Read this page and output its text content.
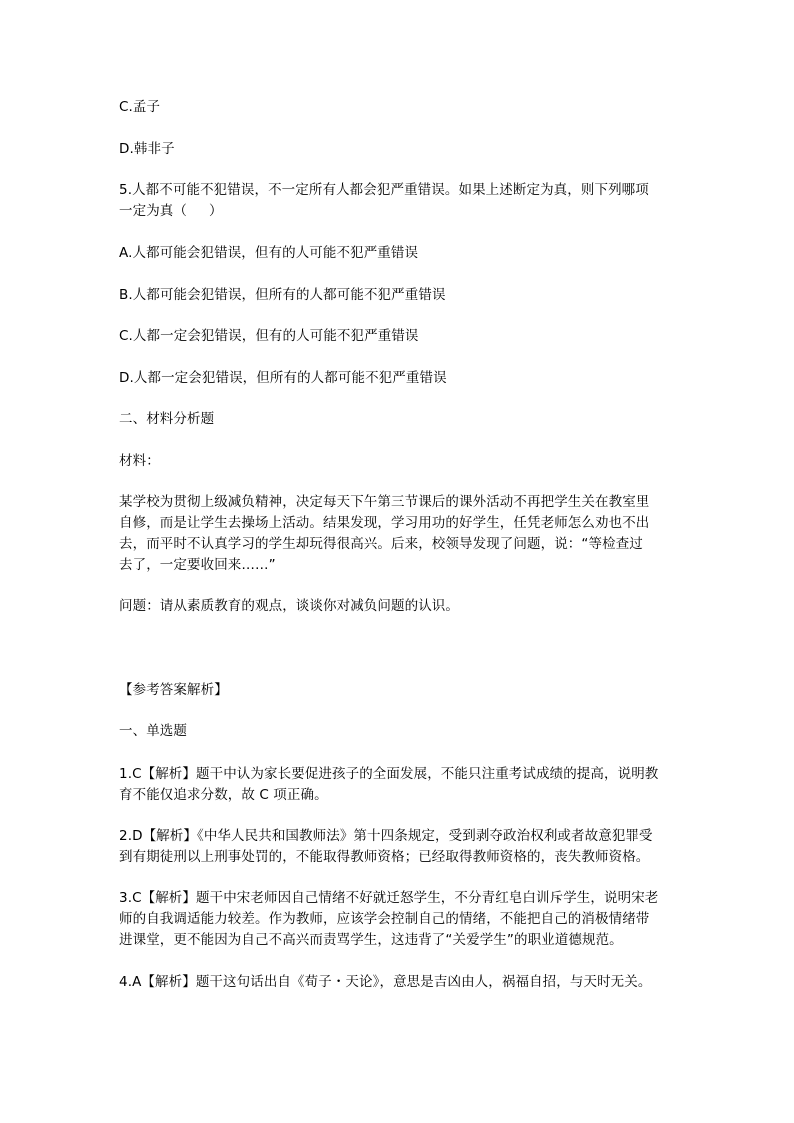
C.孟子
D.韩非子
5.人都不可能不犯错误，不一定所有人都会犯严重错误。如果上述断定为真，则下列哪项
一定为真（     ）
A.人都可能会犯错误，但有的人可能不犯严重错误
B.人都可能会犯错误，但所有的人都可能不犯严重错误
C.人都一定会犯错误，但有的人可能不犯严重错误
D.人都一定会犯错误，但所有的人都可能不犯严重错误
二、材料分析题
材料：
某学校为贯彻上级减负精神，决定每天下午第三节课后的课外活动不再把学生关在教室里
自修，而是让学生去操场上活动。结果发现，学习用功的好学生，任凭老师怎么劝也不出
去，而平时不认真学习的学生却玩得很高兴。后来，校领导发现了问题，说：“等检查过
去了，一定要收回来……”
问题：请从素质教育的观点，谈谈你对减负问题的认识。
【参考答案解析】
一、单选题
1.C【解析】题干中认为家长要促进孩子的全面发展，不能只注重考试成绩的提高，说明教
育不能仅追求分数，故 C 项正确。
2.D【解析】《中华人民共和国教师法》第十四条规定，受到剥夺政治权利或者故意犯罪受
到有期徒刑以上刑事处罚的，不能取得教师资格；已经取得教师资格的，丧失教师资格。
3.C【解析】题干中宋老师因自己情绪不好就迁怒学生，不分青红皂白训斥学生，说明宋老
师的自我调适能力较差。作为教师，应该学会控制自己的情绪，不能把自己的消极情绪带
进课堂，更不能因为自己不高兴而责骂学生，这违背了“关爱学生”的职业道德规范。
4.A【解析】题干这句话出自《荀子・天论》，意思是吉凶由人，祸福自招，与天时无关。
